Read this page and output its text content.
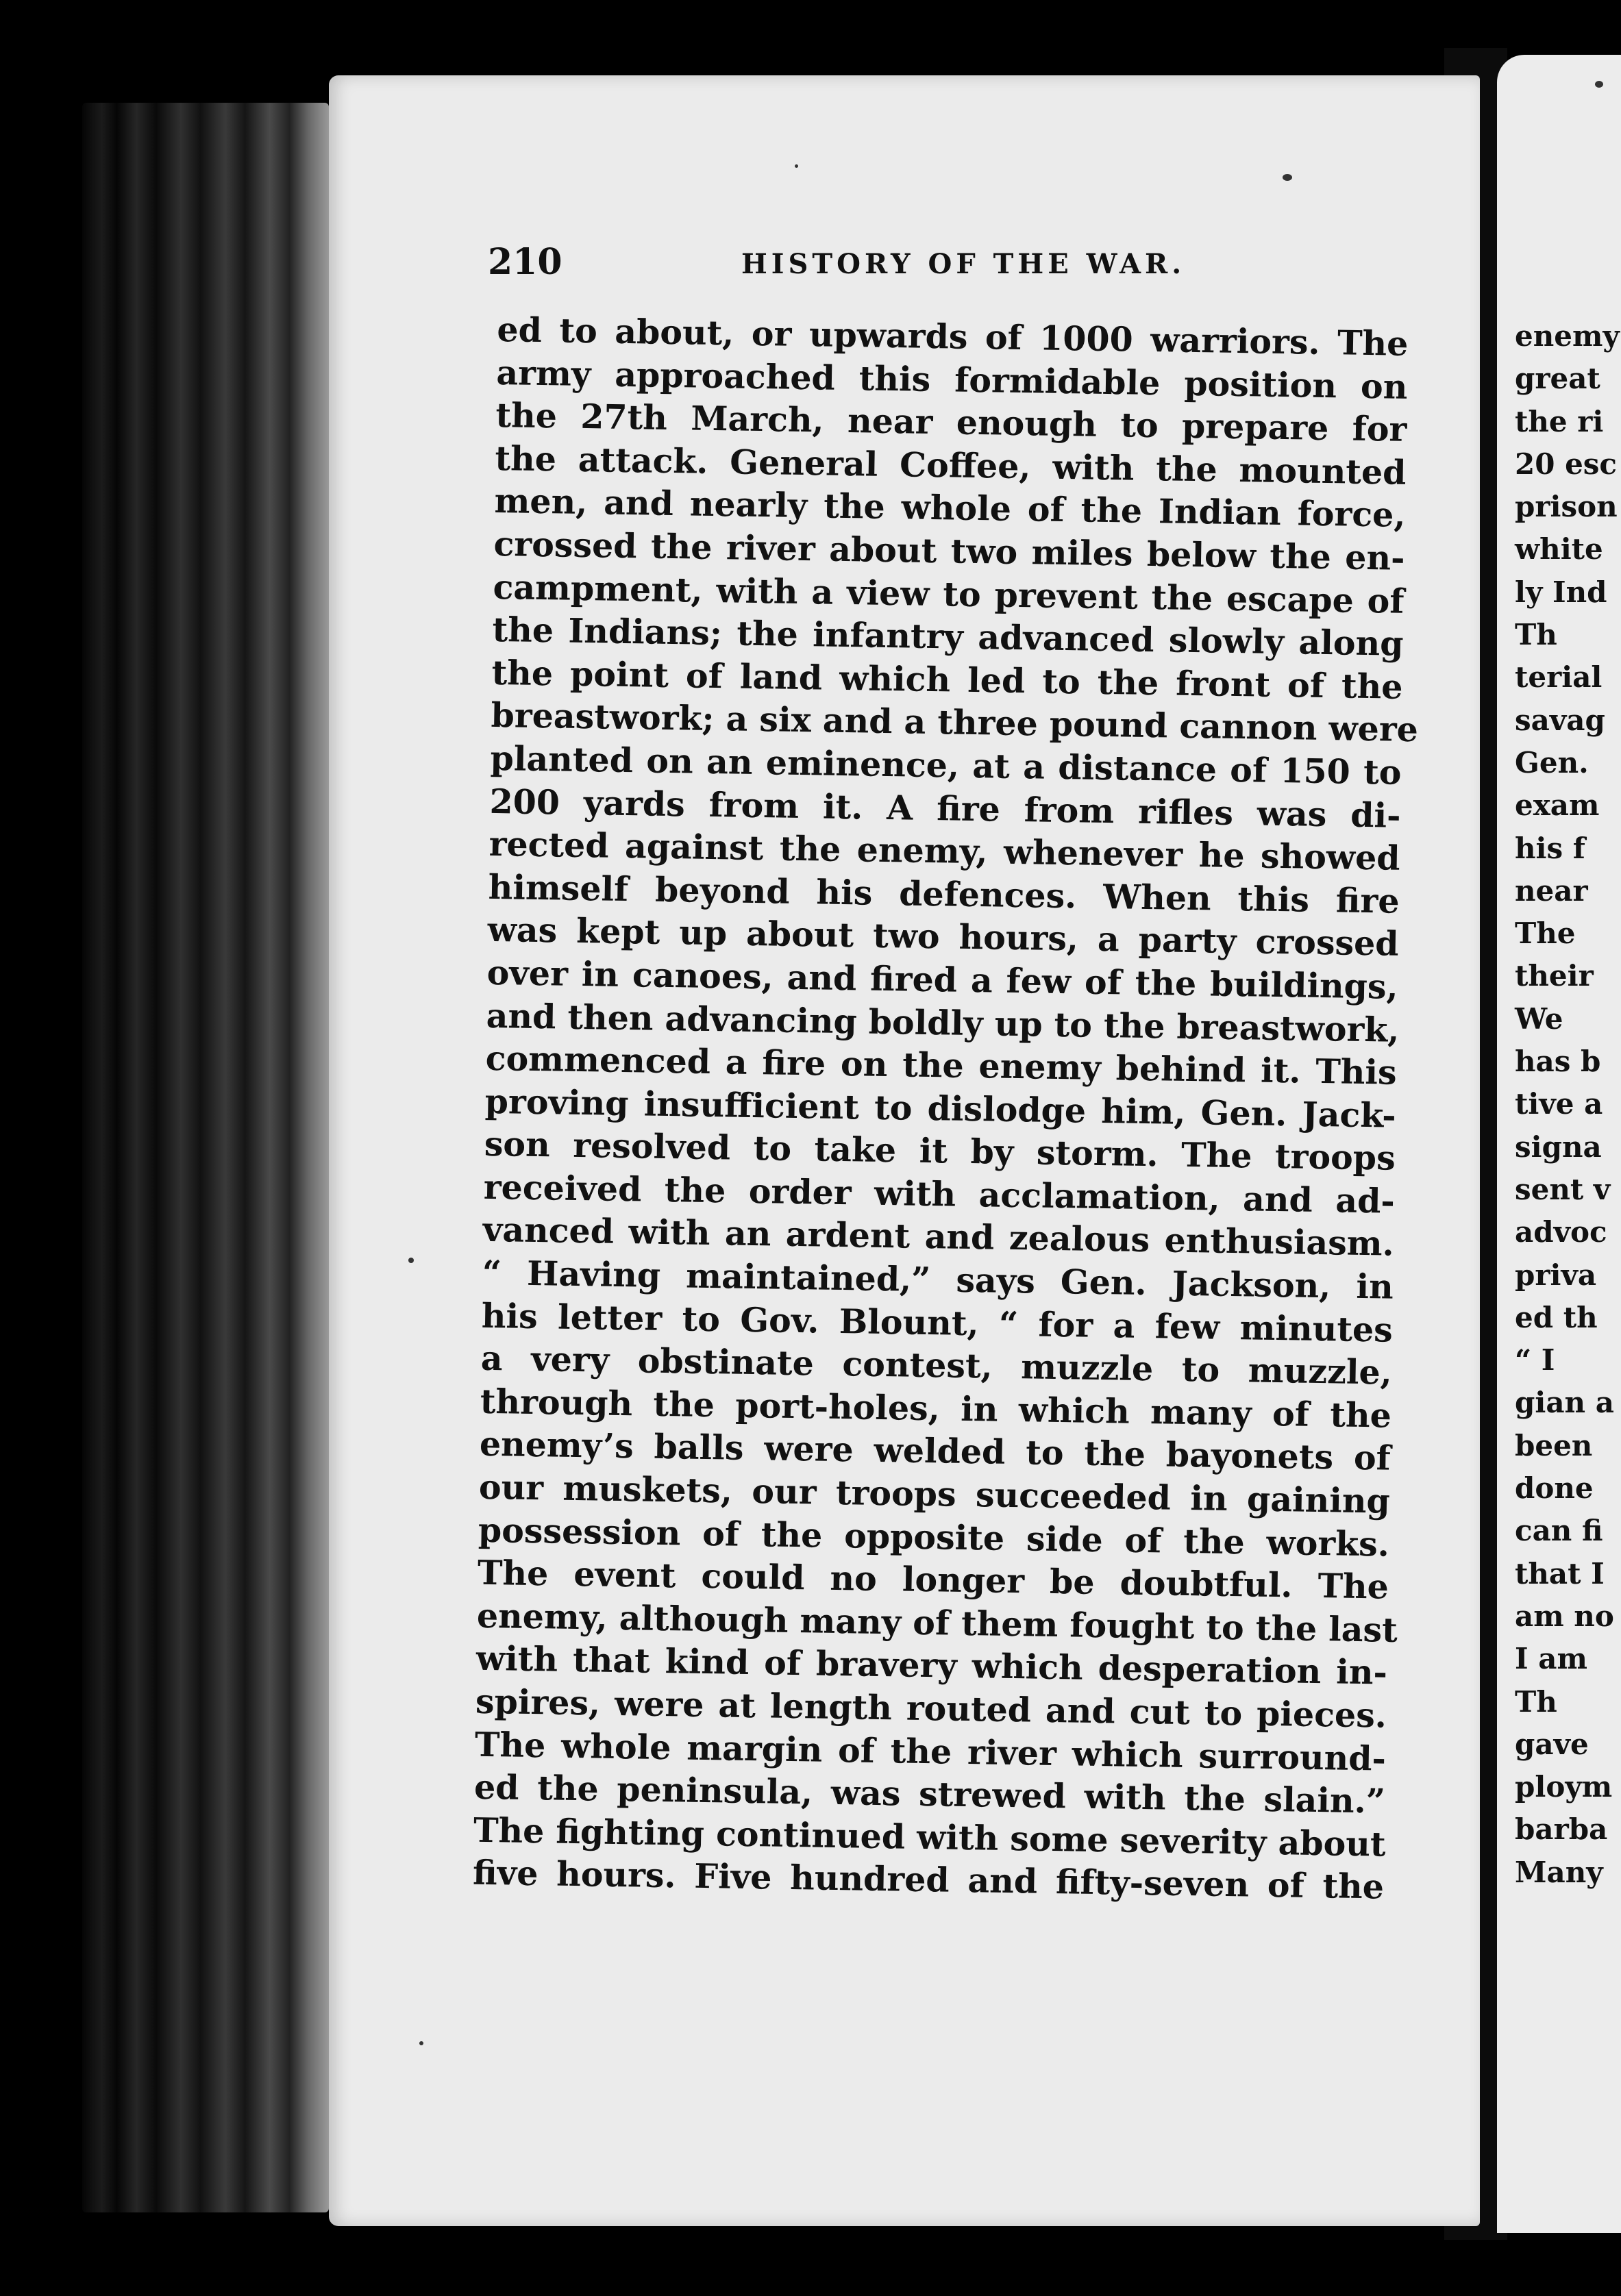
enemy
great
the ri
20 esc
prison
white
ly Ind
Th
terial
savag
Gen.
exam
his f
near
The
their
We
has b
tive a
signa
sent v
advoc
priva
ed th
“ I
gian a
been
done
can fi
that I
am no
I am
Th
gave
ploym
barba
Many
210	HISTORY OF THE WAR.
ed to about, or upwards of 1000 warriors. The
army approached this formidable position on
the 27th March, near enough to prepare for
the attack. General Coffee, with the mounted
men, and nearly the whole of the Indian force,
crossed the river about two miles below the en-
campment, with a view to prevent the escape of
the Indians; the infantry advanced slowly along
the point of land which led to the front of the
breastwork; a six and a three pound cannon were
planted on an eminence, at a distance of 150 to
200 yards from it. A fire from rifles was di-
rected against the enemy, whenever he showed
himself beyond his defences. When this fire
was kept up about two hours, a party crossed
over in canoes, and fired a few of the buildings,
and then advancing boldly up to the breastwork,
commenced a fire on the enemy behind it. This
proving insufficient to dislodge him, Gen. Jack-
son resolved to take it by storm. The troops
received the order with acclamation, and ad-
vanced with an ardent and zealous enthusiasm.
“ Having maintained,” says Gen. Jackson, in
his letter to Gov. Blount, “ for a few minutes
a very obstinate contest, muzzle to muzzle,
through the port-holes, in which many of the
enemy’s balls were welded to the bayonets of
our muskets, our troops succeeded in gaining
possession of the opposite side of the works.
The event could no longer be doubtful. The
enemy, although many of them fought to the last
with that kind of bravery which desperation in-
spires, were at length routed and cut to pieces.
The whole margin of the river which surround-
ed the peninsula, was strewed with the slain.”
The fighting continued with some severity about
five hours. Five hundred and fifty-seven of the
